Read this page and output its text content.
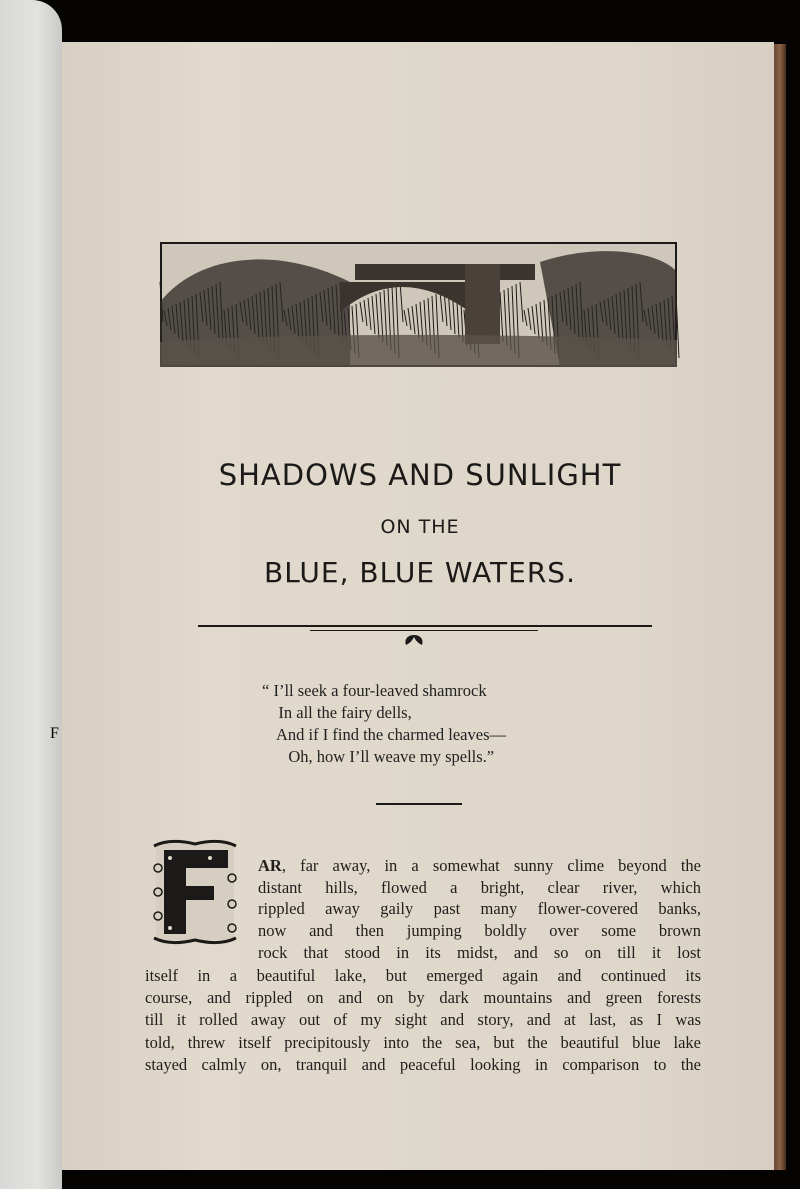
SHADOWS AND SUNLIGHT
ON THE
BLUE, BLUE WATERS.
“ I’ll seek a four-leaved shamrock
In all the fairy dells,
And if I find the charmed leaves—
Oh, how I’ll weave my spells.”
F
AR, far away, in a somewhat sunny clime beyond the
distant hills, flowed a bright, clear river, which
rippled away gaily past many flower-covered banks,
now and then jumping boldly over some brown
rock that stood in its midst, and so on till it lost
itself in a beautiful lake, but emerged again and continued its
course, and rippled on and on by dark mountains and green forests
till it rolled away out of my sight and story, and at last, as I was
told, threw itself precipitously into the sea, but the beautiful blue lake
stayed calmly on, tranquil and peaceful looking in comparison to the
